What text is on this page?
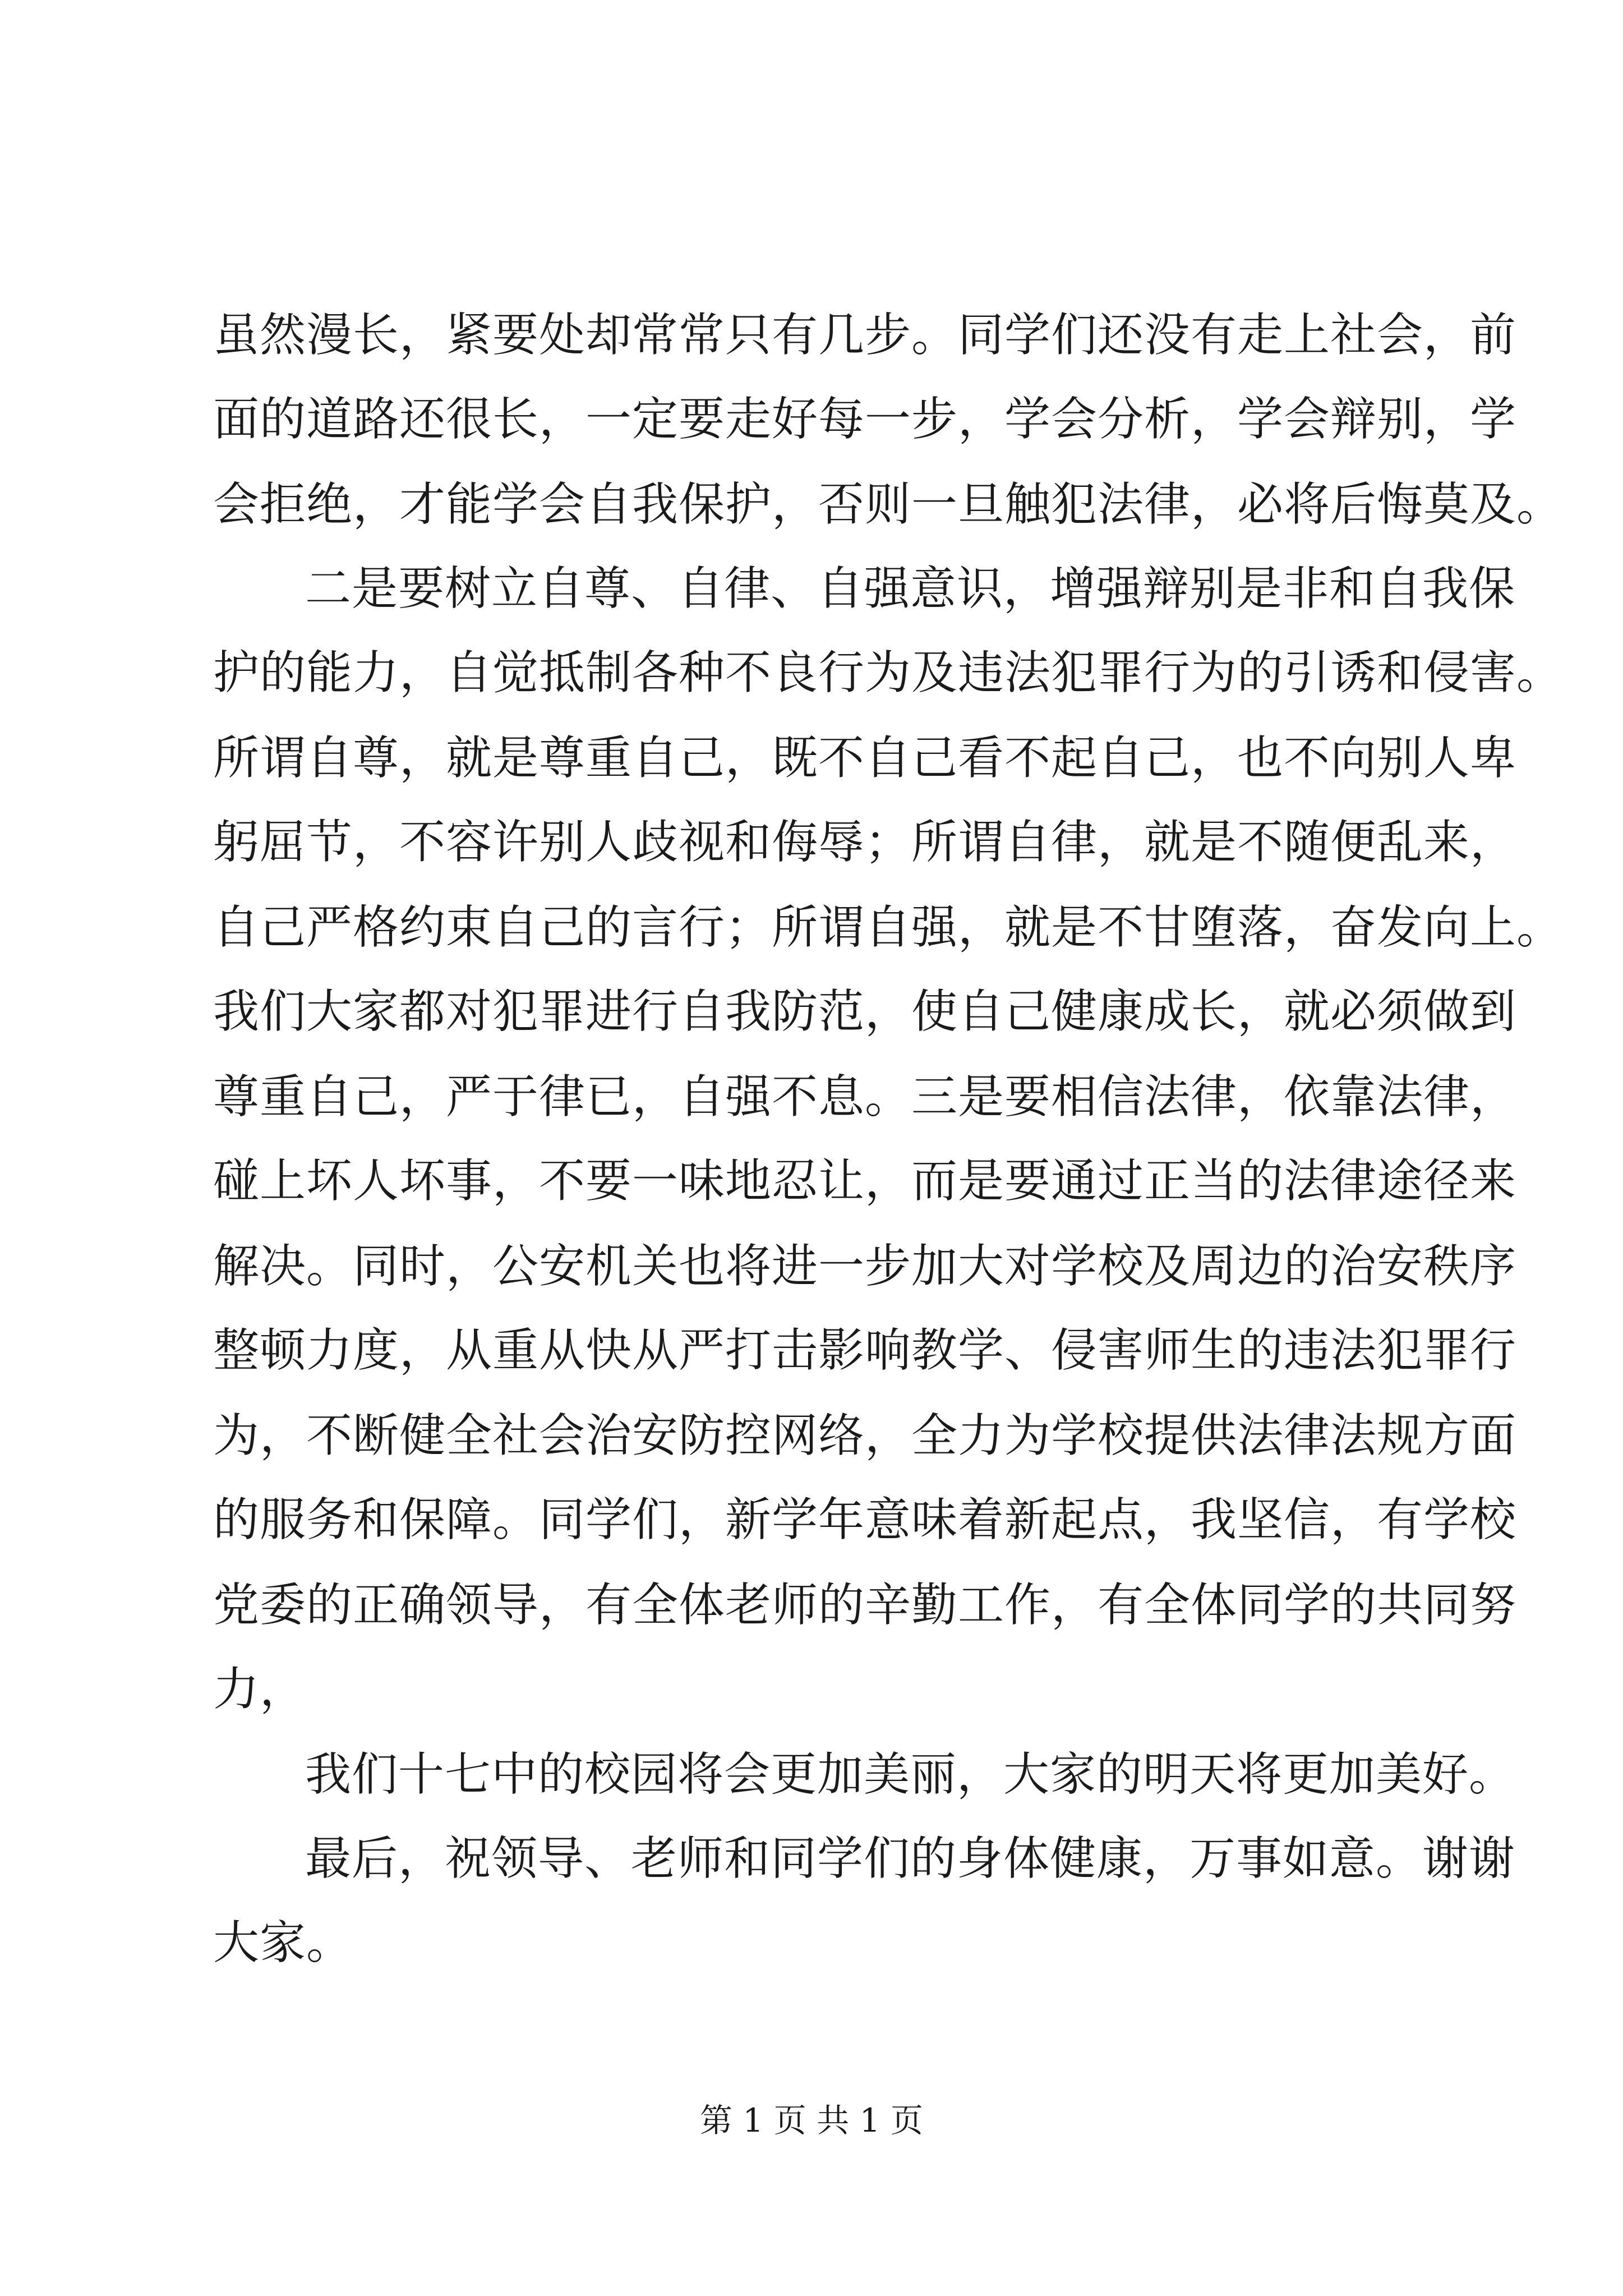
虽然漫长，紧要处却常常只有几步。同学们还没有走上社会，前
面的道路还很长，一定要走好每一步，学会分析，学会辩别，学
会拒绝，才能学会自我保护，否则一旦触犯法律，必将后悔莫及。
二是要树立自尊、自律、自强意识，增强辩别是非和自我保
护的能力，自觉抵制各种不良行为及违法犯罪行为的引诱和侵害。
所谓自尊，就是尊重自己，既不自己看不起自己，也不向别人卑
躬屈节，不容许别人歧视和侮辱；所谓自律，就是不随便乱来，
自己严格约束自己的言行；所谓自强，就是不甘堕落，奋发向上。
我们大家都对犯罪进行自我防范，使自己健康成长，就必须做到
尊重自己，严于律已，自强不息。三是要相信法律，依靠法律，
碰上坏人坏事，不要一味地忍让，而是要通过正当的法律途径来
解决。同时，公安机关也将进一步加大对学校及周边的治安秩序
整顿力度，从重从快从严打击影响教学、侵害师生的违法犯罪行
为，不断健全社会治安防控网络，全力为学校提供法律法规方面
的服务和保障。同学们，新学年意味着新起点，我坚信，有学校
党委的正确领导，有全体老师的辛勤工作，有全体同学的共同努
力，
我们十七中的校园将会更加美丽，大家的明天将更加美好。
最后，祝领导、老师和同学们的身体健康，万事如意。谢谢
大家。
第 1 页 共 1 页
